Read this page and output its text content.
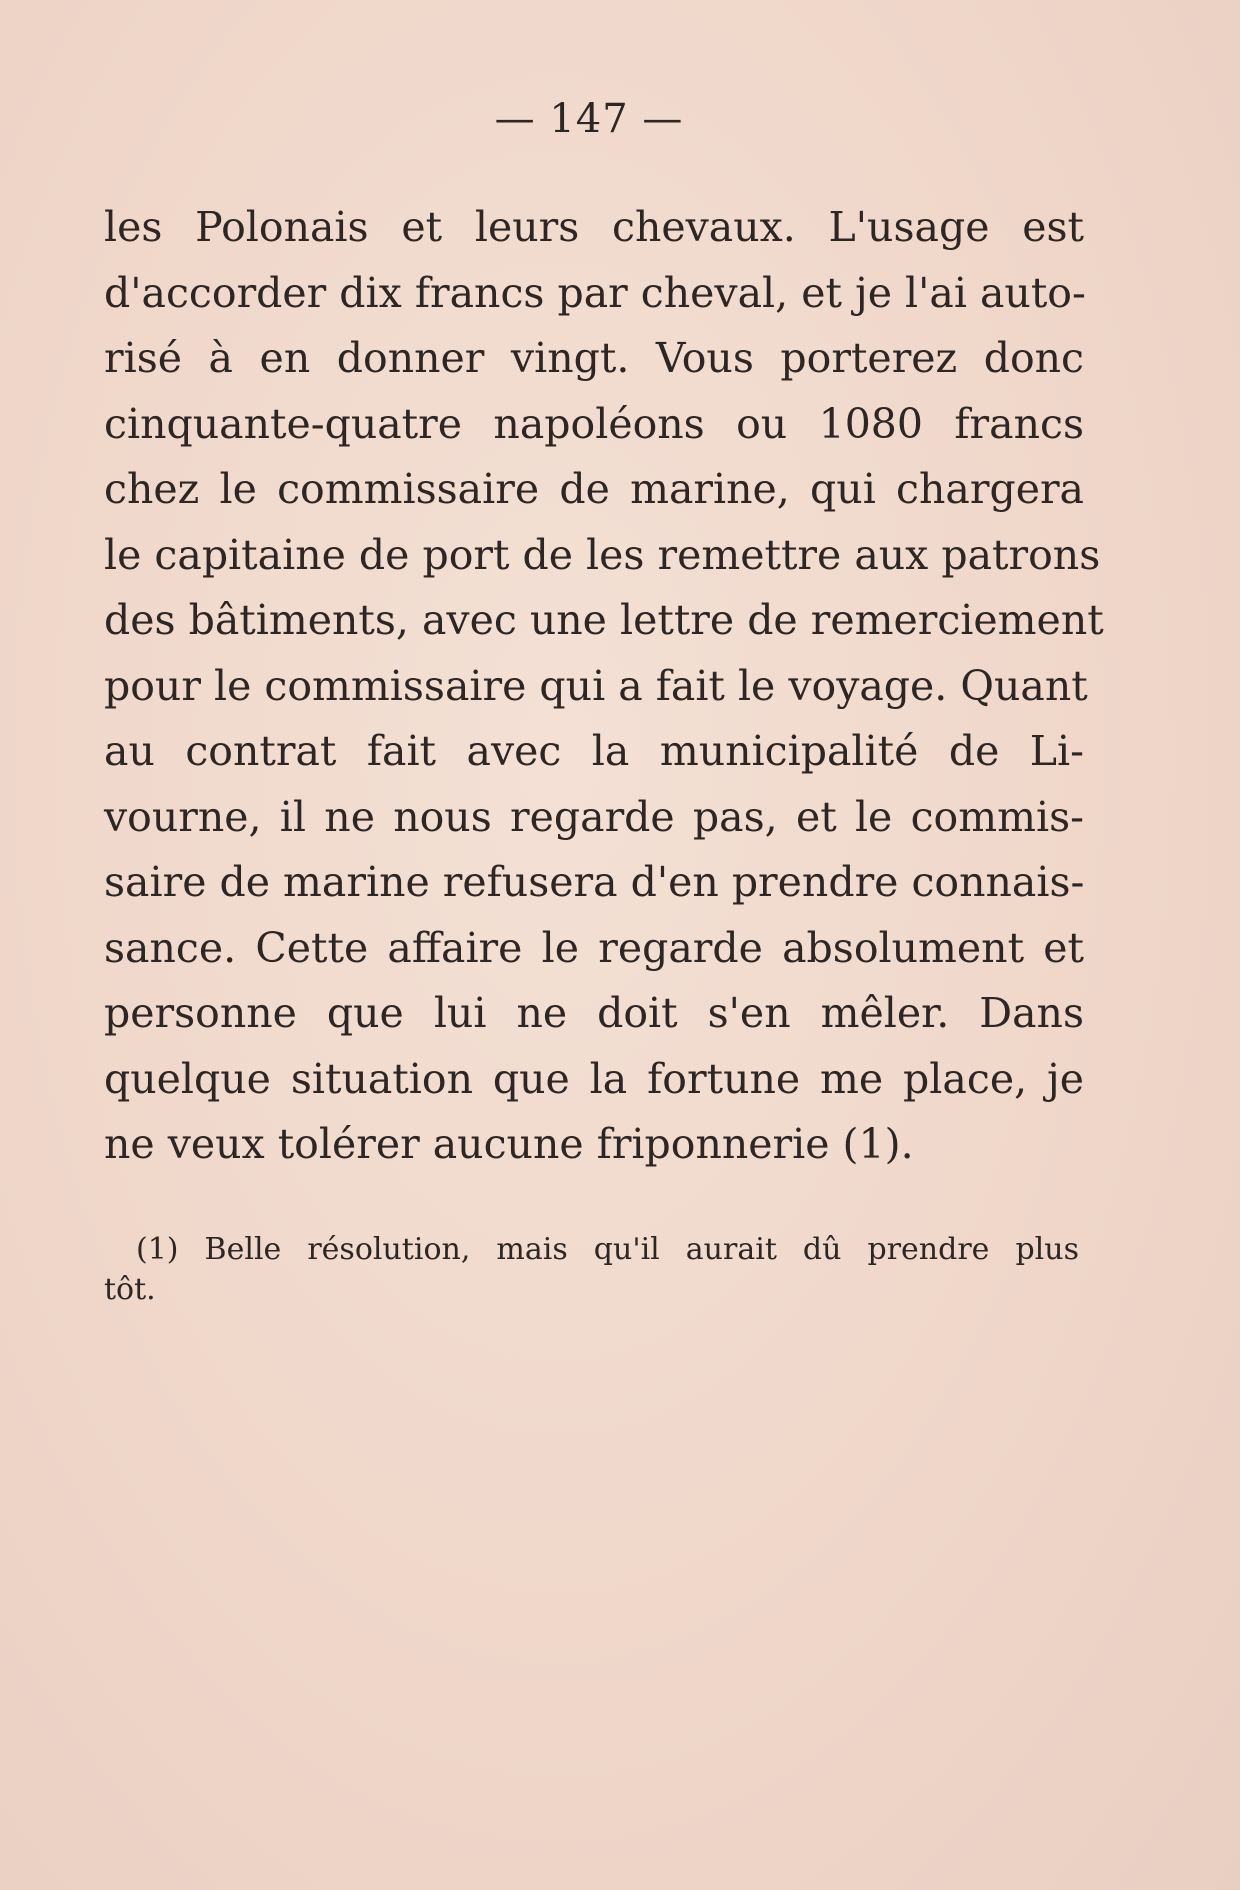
— 147 —
les Polonais et leurs chevaux. L'usage est
d'accorder dix francs par cheval, et je l'ai auto-
risé à en donner vingt. Vous porterez donc
cinquante-quatre napoléons ou 1080 francs
chez le commissaire de marine, qui chargera
le capitaine de port de les remettre aux patrons
des bâtiments, avec une lettre de remerciement
pour le commissaire qui a fait le voyage. Quant
au contrat fait avec la municipalité de Li-
vourne, il ne nous regarde pas, et le commis-
saire de marine refusera d'en prendre connais-
sance. Cette affaire le regarde absolument et
personne que lui ne doit s'en mêler. Dans
quelque situation que la fortune me place, je
ne veux tolérer aucune friponnerie (1).
(1) Belle résolution, mais qu'il aurait dû prendre plus
tôt.
